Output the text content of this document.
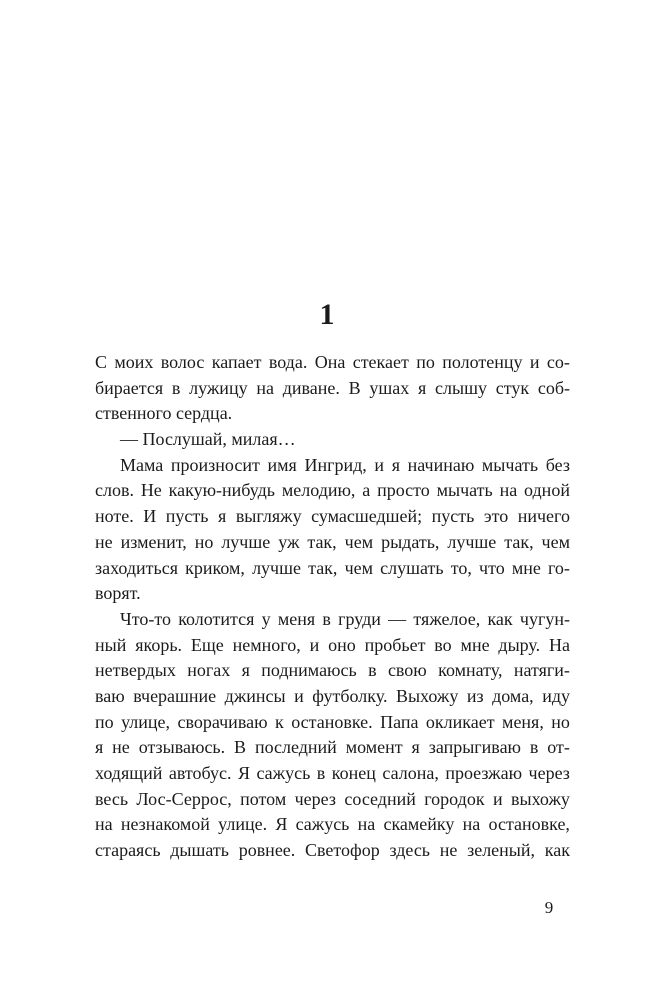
1
С моих волос капает вода. Она стекает по полотенцу и со-
бирается в лужицу на диване. В ушах я слышу стук соб-
ственного сердца.
— Послушай, милая…
Мама произносит имя Ингрид, и я начинаю мычать без
слов. Не какую-нибудь мелодию, а просто мычать на одной
ноте. И пусть я выгляжу сумасшедшей; пусть это ничего
не изменит, но лучше уж так, чем рыдать, лучше так, чем
заходиться криком, лучше так, чем слушать то, что мне го-
ворят.
Что-то колотится у меня в груди — тяжелое, как чугун-
ный якорь. Еще немного, и оно пробьет во мне дыру. На
нетвердых ногах я поднимаюсь в свою комнату, натяги-
ваю вчерашние джинсы и футболку. Выхожу из дома, иду
по улице, сворачиваю к остановке. Папа окликает меня, но
я не отзываюсь. В последний момент я запрыгиваю в от-
ходящий автобус. Я сажусь в конец салона, проезжаю через
весь Лос-Серрос, потом через соседний городок и выхожу
на незнакомой улице. Я сажусь на скамейку на остановке,
стараясь дышать ровнее. Светофор здесь не зеленый, как
9
